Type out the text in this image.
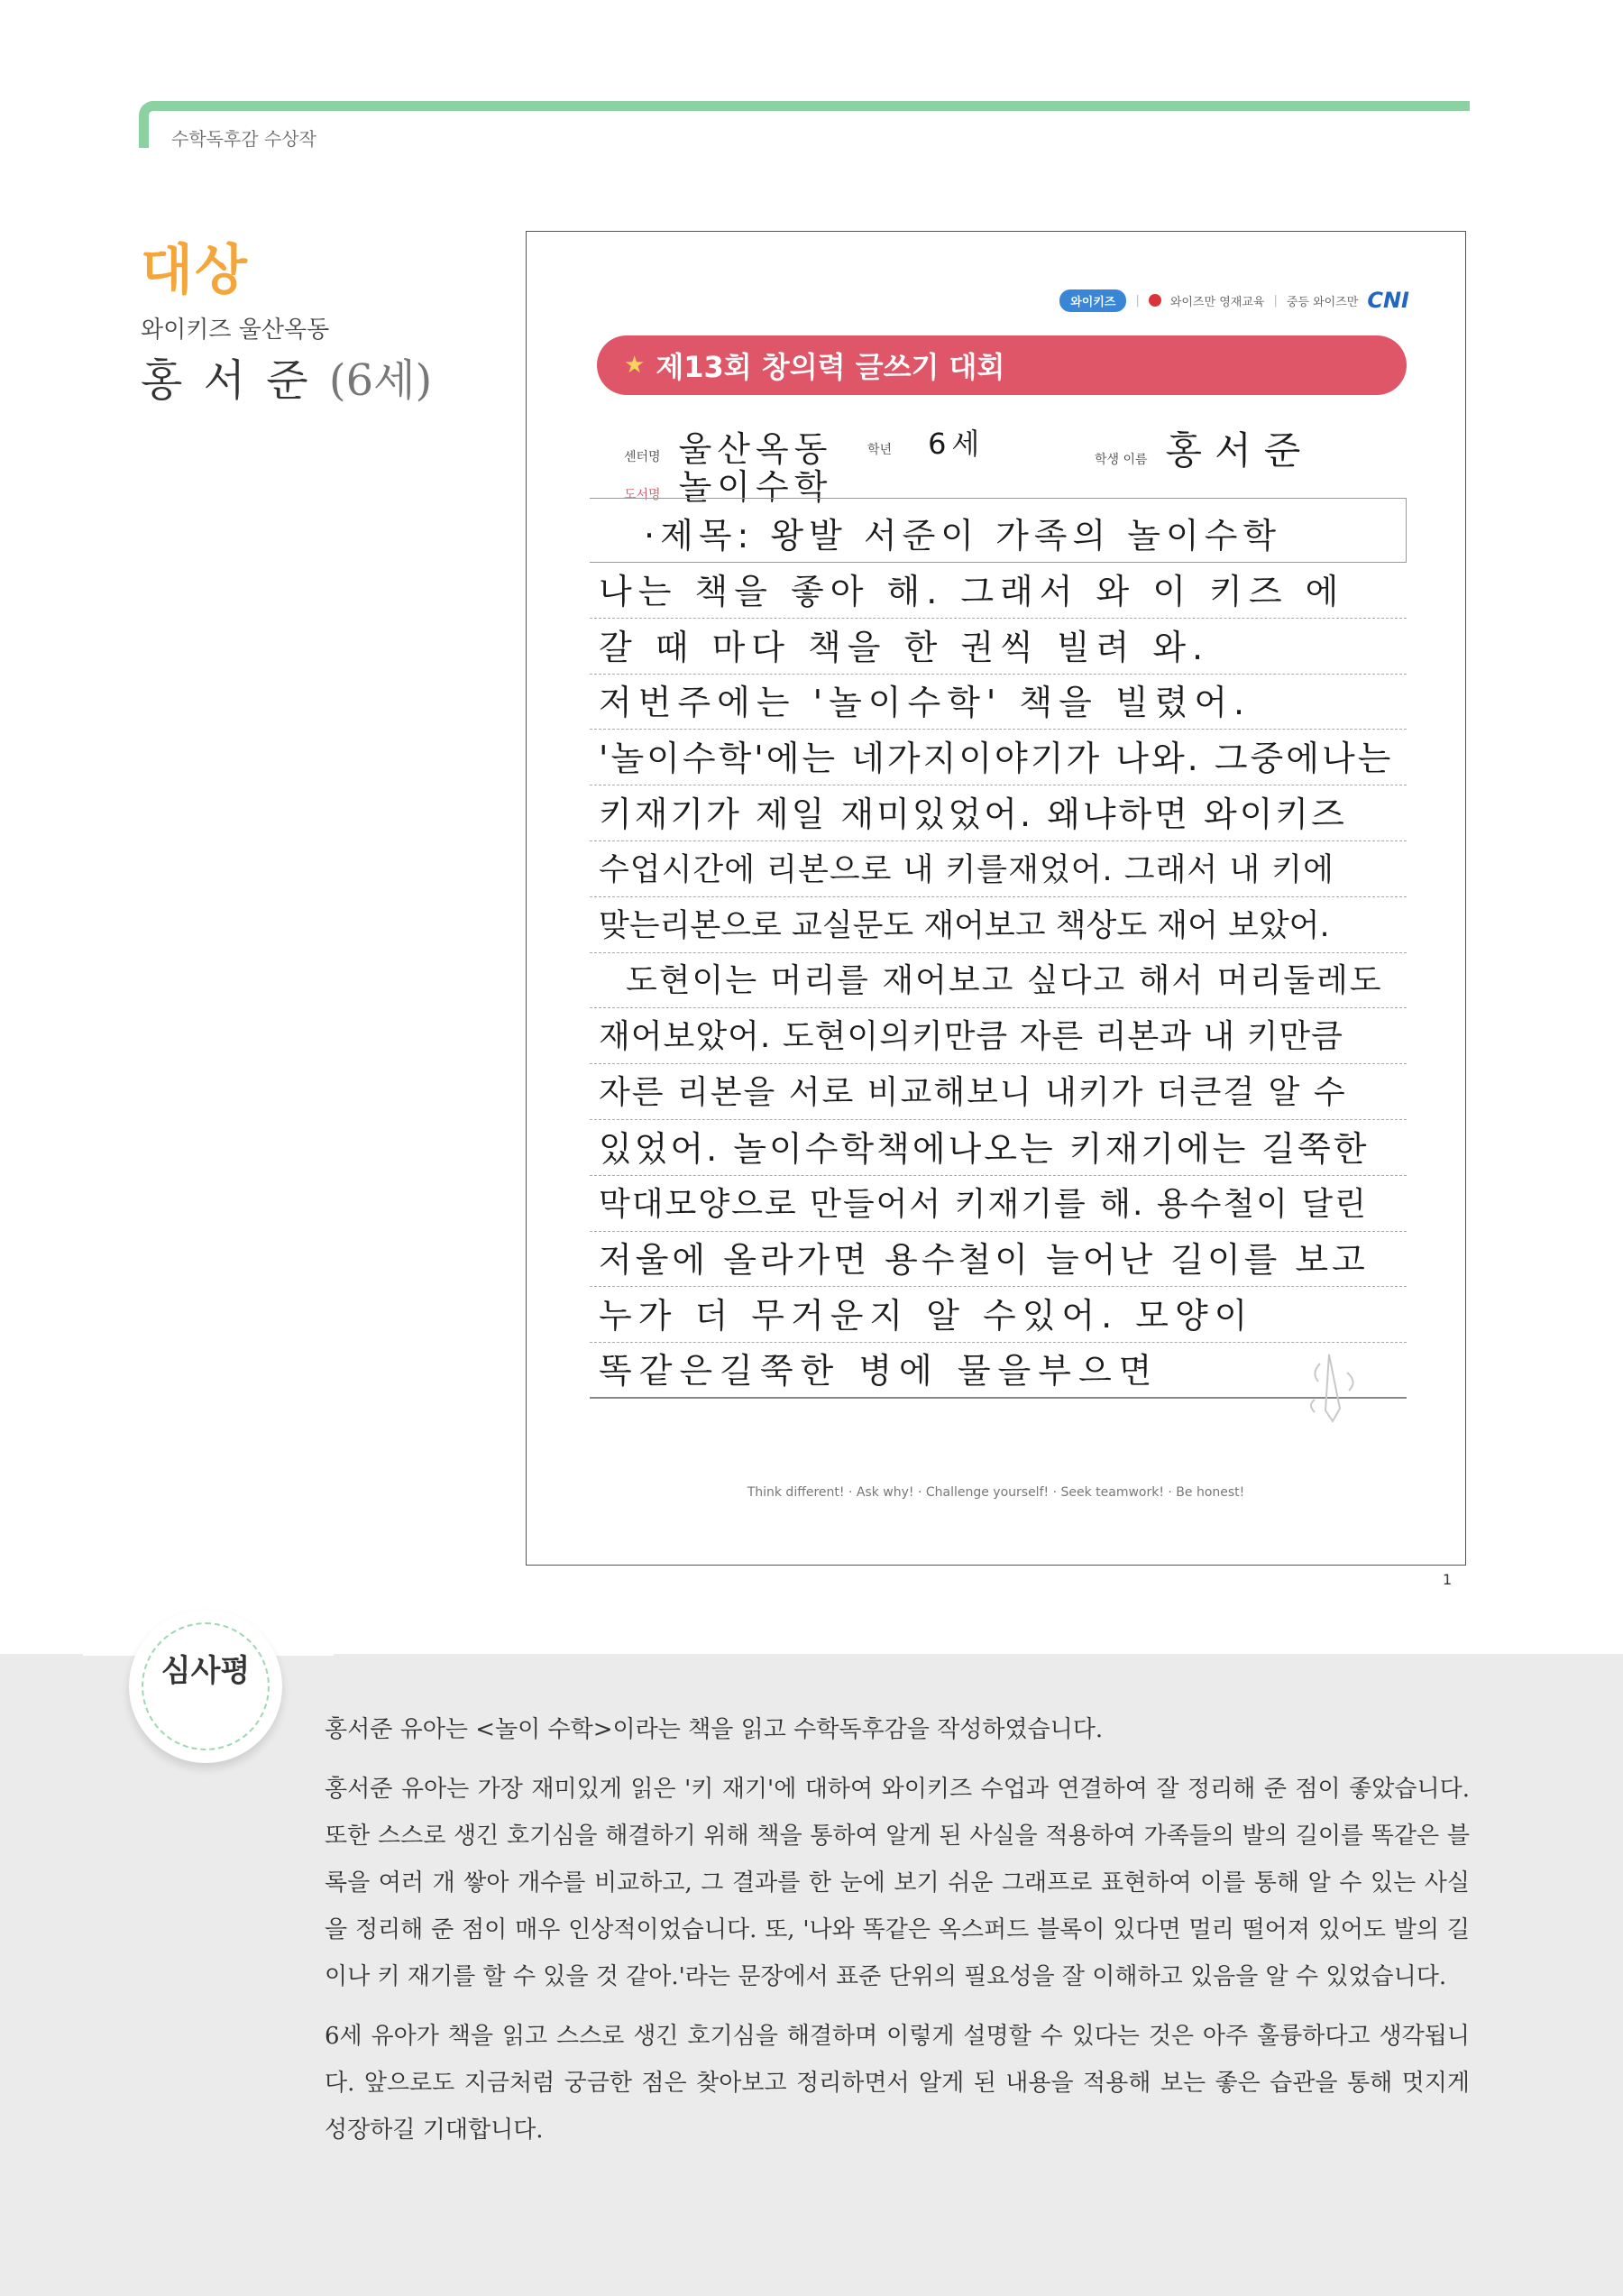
수학독후감 수상작
대상
와이키즈 울산옥동
홍 서 준 (6세)
와이키즈	|	와이즈만 영재교육 | 중등 와이즈만 CNI
★ 제13회 창의력 글쓰기 대회
센터명 울산옥동	학년 6세	학생 이름 홍서준
도서명 놀이수학
·제목: 왕발 서준이 가족의 놀이수학
나는 책을 좋아 해. 그래서 와 이 키즈 에
갈 때 마다 책을 한 권씩 빌려 와.
저번주에는 '놀이수학' 책을 빌렸어.
'놀이수학'에는 네가지이야기가 나와. 그중에나는
키재기가 제일 재미있었어. 왜냐하면 와이키즈
수업시간에 리본으로 내 키를재었어. 그래서 내 키에
맞는리본으로 교실문도 재어보고 책상도 재어 보았어.
도현이는 머리를 재어보고 싶다고 해서 머리둘레도
재어보았어. 도현이의키만큼 자른 리본과 내 키만큼
자른 리본을 서로 비교해보니 내키가 더큰걸 알 수
있었어. 놀이수학책에나오는 키재기에는 길쭉한
막대모양으로 만들어서 키재기를 해. 용수철이 달린
저울에 올라가면 용수철이 늘어난 길이를 보고
누가 더 무거운지 알 수있어. 모양이
똑같은길쭉한 병에 물을부으면
Think different! · Ask why! · Challenge yourself! · Seek teamwork! · Be honest!
1
심사평

홍서준 유아는 <놀이 수학>이라는 책을 읽고 수학독후감을 작성하였습니다.

홍서준 유아는 가장 재미있게 읽은 '키 재기'에 대하여 와이키즈 수업과 연결하여 잘 정리해 준 점이 좋았습니다. 또한 스스로 생긴 호기심을 해결하기 위해 책을 통하여 알게 된 사실을 적용하여 가족들의 발의 길이를 똑같은 블록을 여러 개 쌓아 개수를 비교하고, 그 결과를 한 눈에 보기 쉬운 그래프로 표현하여 이를 통해 알 수 있는 사실을 정리해 준 점이 매우 인상적이었습니다. 또, '나와 똑같은 옥스퍼드 블록이 있다면 멀리 떨어져 있어도 발의 길이나 키 재기를 할 수 있을 것 같아.'라는 문장에서 표준 단위의 필요성을 잘 이해하고 있음을 알 수 있었습니다.

6세 유아가 책을 읽고 스스로 생긴 호기심을 해결하며 이렇게 설명할 수 있다는 것은 아주 훌륭하다고 생각됩니다. 앞으로도 지금처럼 궁금한 점은 찾아보고 정리하면서 알게 된 내용을 적용해 보는 좋은 습관을 통해 멋지게 성장하길 기대합니다.
